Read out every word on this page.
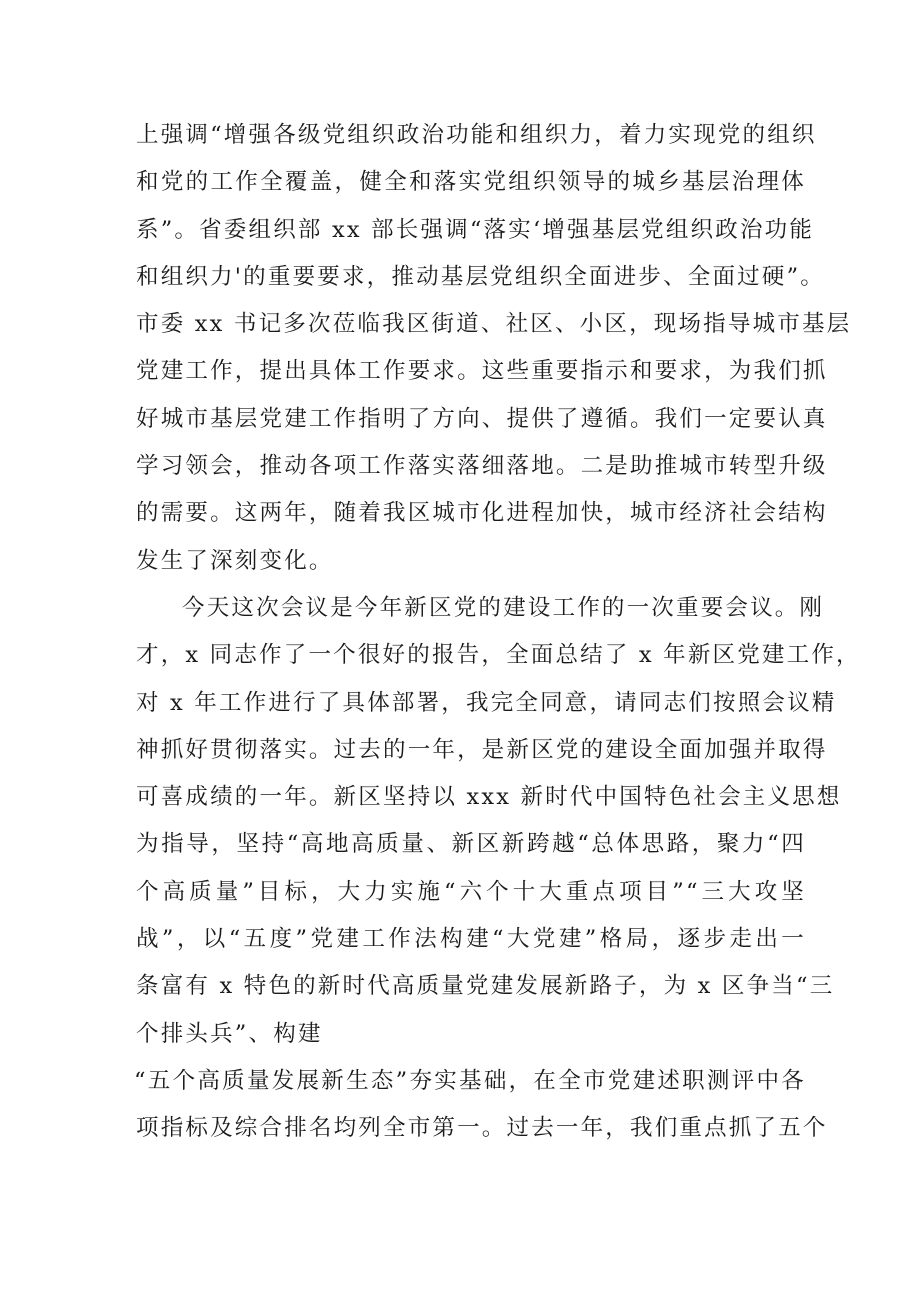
上强调“增强各级党组织政治功能和组织力，着力实现党的组织
和党的工作全覆盖，健全和落实党组织领导的城乡基层治理体
系”。省委组织部 xx 部长强调“落实‘增强基层党组织政治功能
和组织力'的重要要求，推动基层党组织全面进步、全面过硬”。
市委 xx 书记多次莅临我区街道、社区、小区，现场指导城市基层
党建工作，提出具体工作要求。这些重要指示和要求，为我们抓
好城市基层党建工作指明了方向、提供了遵循。我们一定要认真
学习领会，推动各项工作落实落细落地。二是助推城市转型升级
的需要。这两年，随着我区城市化进程加快，城市经济社会结构
发生了深刻变化。
今天这次会议是今年新区党的建设工作的一次重要会议。刚
才，x 同志作了一个很好的报告，全面总结了 x 年新区党建工作，
对 x 年工作进行了具体部署，我完全同意，请同志们按照会议精
神抓好贯彻落实。过去的一年，是新区党的建设全面加强并取得
可喜成绩的一年。新区坚持以 xxx 新时代中国特色社会主义思想
为指导，坚持“高地高质量、新区新跨越“总体思路，聚力“四
个高质量”目标，大力实施“六个十大重点项目”“三大攻坚
战”，以“五度”党建工作法构建“大党建”格局，逐步走出一
条富有 x 特色的新时代高质量党建发展新路子，为 x 区争当“三
个排头兵”、构建
“五个高质量发展新生态”夯实基础，在全市党建述职测评中各
项指标及综合排名均列全市第一。过去一年，我们重点抓了五个
